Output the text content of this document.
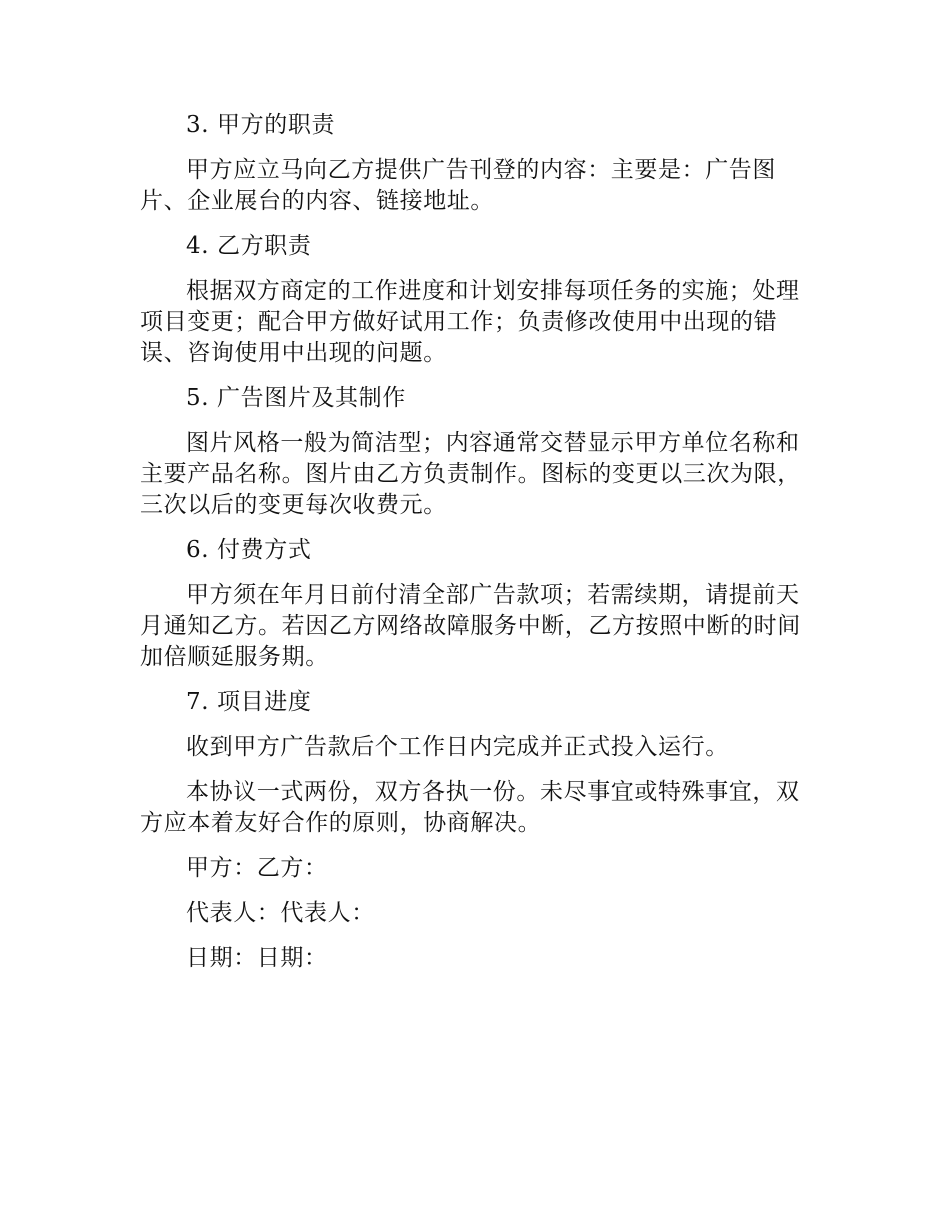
3. 甲方的职责

甲方应立马向乙方提供广告刊登的内容：主要是：广告图片、企业展台的内容、链接地址。

4. 乙方职责

根据双方商定的工作进度和计划安排每项任务的实施；处理项目变更；配合甲方做好试用工作；负责修改使用中出现的错误、咨询使用中出现的问题。

5. 广告图片及其制作

图片风格一般为简洁型；内容通常交替显示甲方单位名称和主要产品名称。图片由乙方负责制作。图标的变更以三次为限，三次以后的变更每次收费元。

6. 付费方式

甲方须在年月日前付清全部广告款项；若需续期，请提前天月通知乙方。若因乙方网络故障服务中断，乙方按照中断的时间加倍顺延服务期。

7. 项目进度

收到甲方广告款后个工作日内完成并正式投入运行。

本协议一式两份，双方各执一份。未尽事宜或特殊事宜，双方应本着友好合作的原则，协商解决。

甲方：乙方：

代表人：代表人：

日期：日期：
